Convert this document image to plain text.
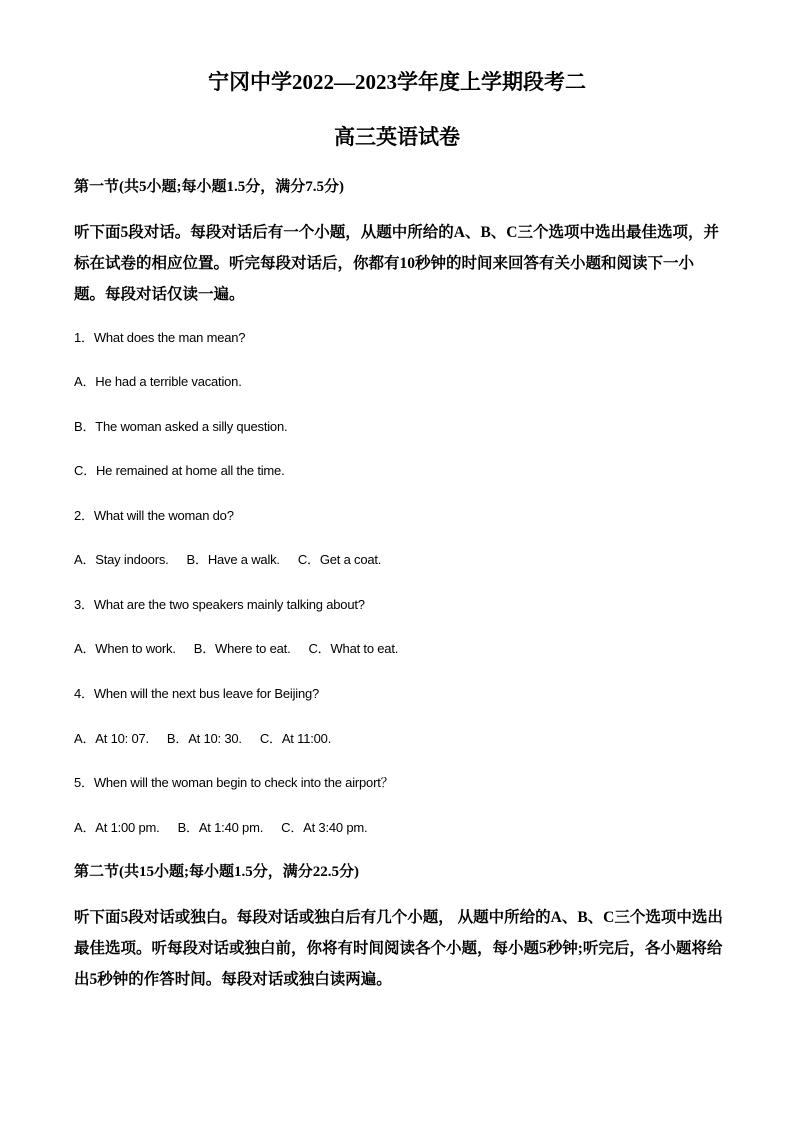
宁冈中学2022—2023学年度上学期段考二
高三英语试卷
第一节(共5小题;每小题1.5分，满分7.5分)
听下面5段对话。每段对话后有一个小题，从题中所给的A、B、C三个选项中选出最佳选项，并标在试卷的相应位置。听完每段对话后，你都有10秒钟的时间来回答有关小题和阅读下一小题。每段对话仅读一遍。
1．What does the man mean?
A．He had a terrible vacation.
B．The woman asked a silly question.
C．He remained at home all the time.
2．What will the woman do?
A．Stay indoors. B．Have a walk. C．Get a coat.
3．What are the two speakers mainly talking about?
A．When to work. B．Where to eat. C．What to eat.
4．When will the next bus leave for Beijing?
A．At 10: 07. B．At 10: 30. C．At 11:00.
5．When will the woman begin to check into the airport？
A．At 1:00 pm. B．At 1:40 pm. C．At 3:40 pm.
第二节(共15小题;每小题1.5分，满分22.5分)
听下面5段对话或独白。每段对话或独白后有几个小题， 从题中所给的A、B、C三个选项中选出最佳选项。听每段对话或独白前，你将有时间阅读各个小题，每小题5秒钟;听完后，各小题将给出5秒钟的作答时间。每段对话或独白读两遍。
